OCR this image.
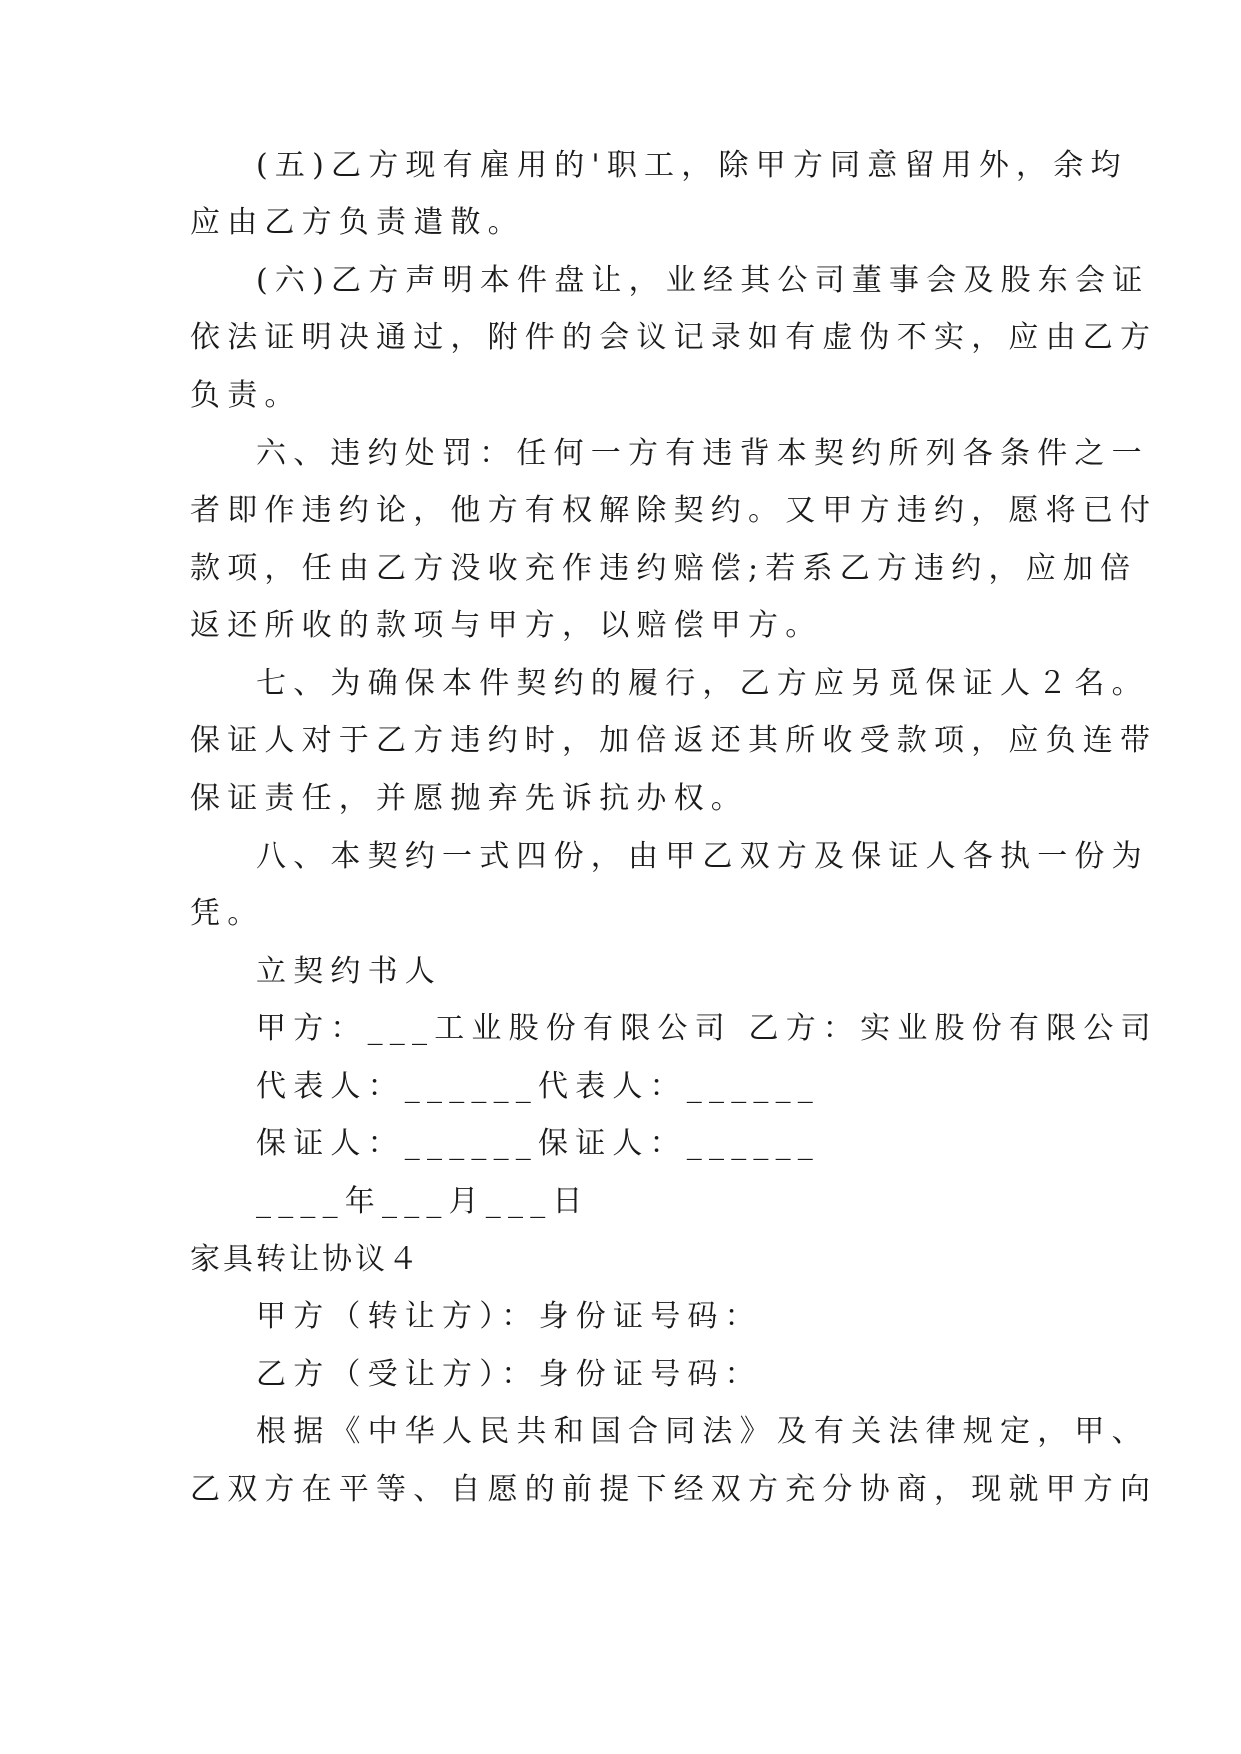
(五)乙方现有雇用的'职工，除甲方同意留用外，余均
应由乙方负责遣散。
(六)乙方声明本件盘让，业经其公司董事会及股东会证
依法证明决通过，附件的会议记录如有虚伪不实，应由乙方
负责。
六、违约处罚：任何一方有违背本契约所列各条件之一
者即作违约论，他方有权解除契约。又甲方违约，愿将已付
款项，任由乙方没收充作违约赔偿;若系乙方违约，应加倍
返还所收的款项与甲方，以赔偿甲方。
七、为确保本件契约的履行，乙方应另觅保证人２名。
保证人对于乙方违约时，加倍返还其所收受款项，应负连带
保证责任，并愿抛弃先诉抗办权。
八、本契约一式四份，由甲乙双方及保证人各执一份为
凭。
立契约书人
甲方：___工业股份有限公司 乙方：实业股份有限公司
代表人：______代表人：______
保证人：______保证人：______
____年___月___日
家具转让协议４
甲方（转让方）：身份证号码：
乙方（受让方）：身份证号码：
根据《中华人民共和国合同法》及有关法律规定，甲、
乙双方在平等、自愿的前提下经双方充分协商，现就甲方向
